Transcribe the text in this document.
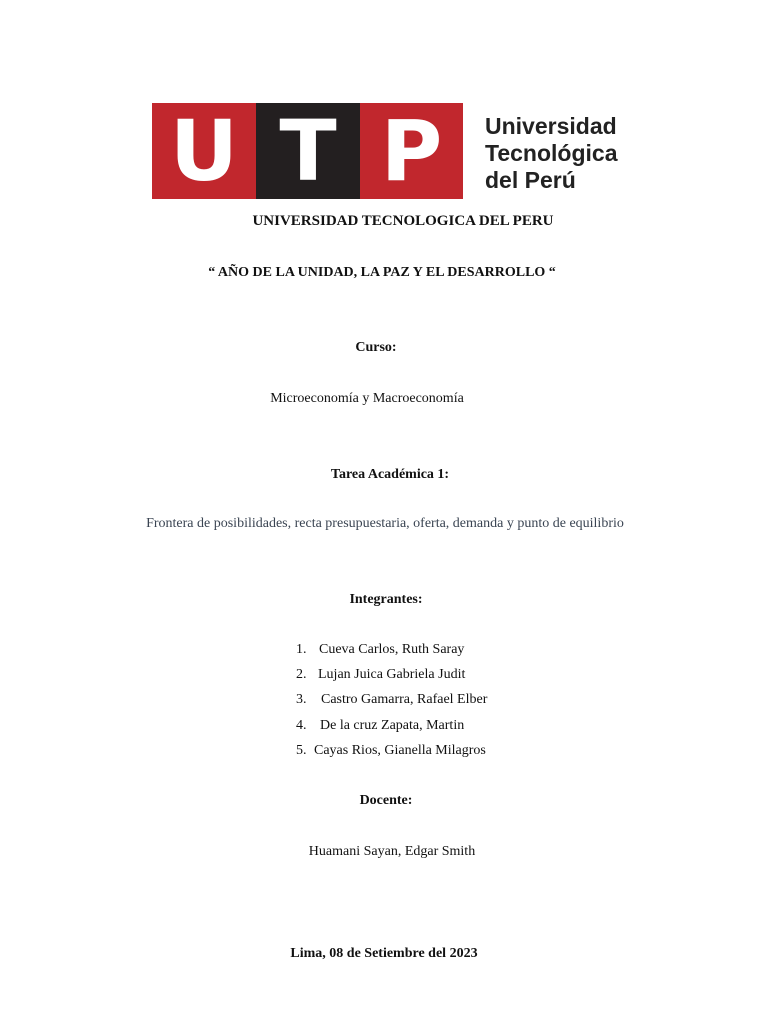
U T P	Universidad
Tecnológica
del Perú
UNIVERSIDAD TECNOLOGICA DEL PERU
“ AÑO DE LA UNIDAD, LA PAZ Y EL DESARROLLO “
Curso:
Microeconomía y Macroeconomía
Tarea Académica 1:
Frontera de posibilidades, recta presupuestaria, oferta, demanda y punto de equilibrio
Integrantes:
1. Cueva Carlos, Ruth Saray
2. Lujan Juica Gabriela Judit
3. Castro Gamarra, Rafael Elber
4. De la cruz Zapata, Martin
5. Cayas Rios, Gianella Milagros
Docente:
Huamani Sayan, Edgar Smith
Lima, 08 de Setiembre del 2023
